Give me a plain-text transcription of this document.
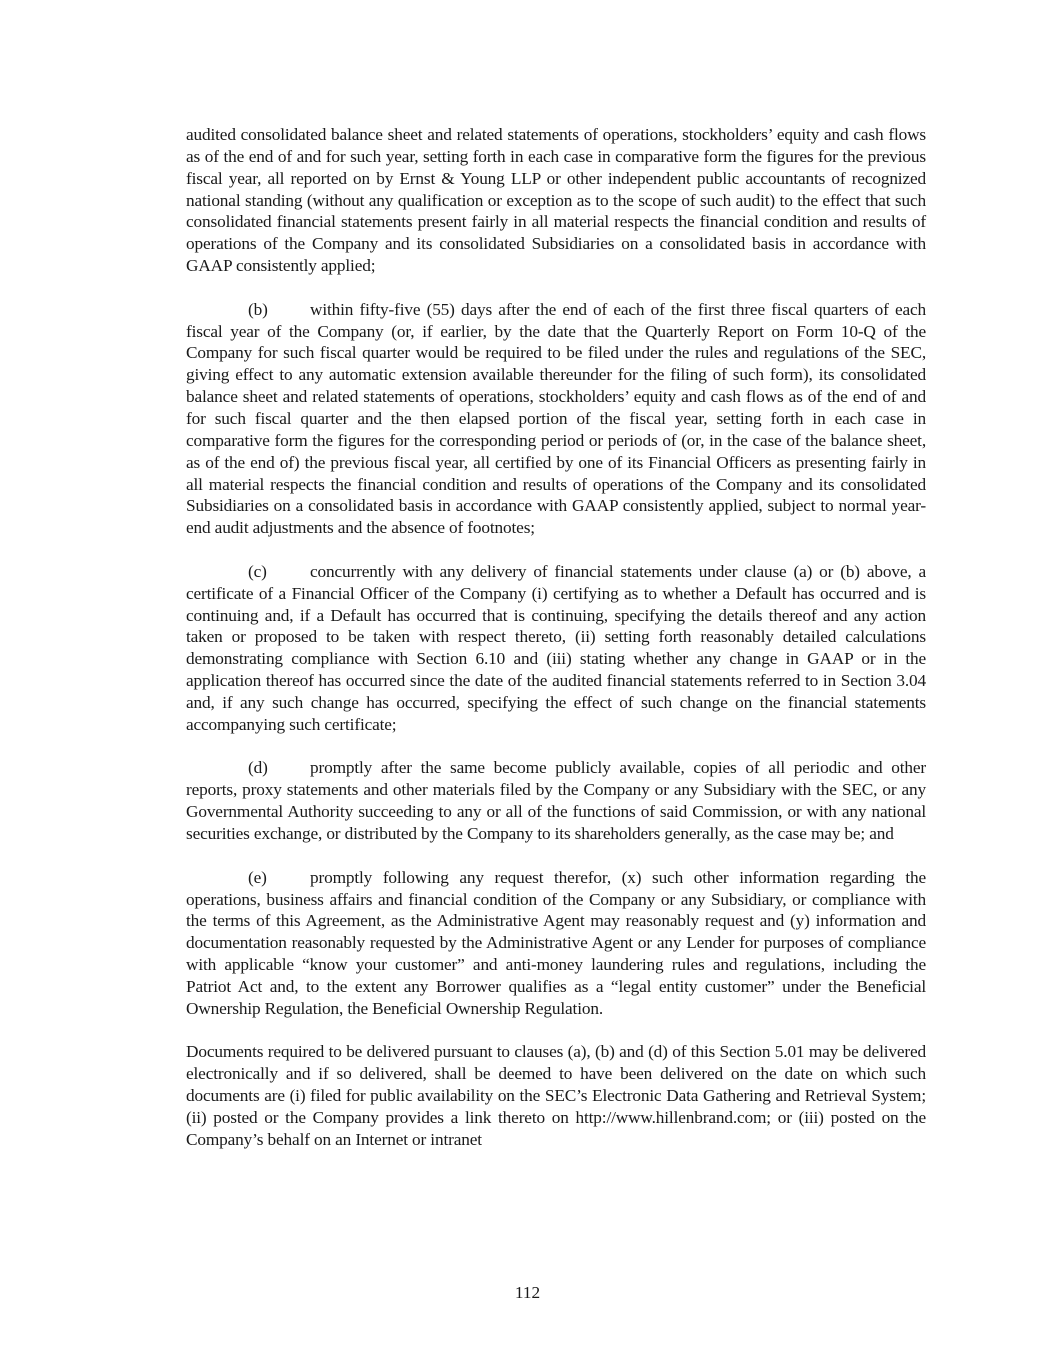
audited consolidated balance sheet and related statements of operations, stockholders’ equity and cash flows as of the end of and for such year, setting forth in each case in comparative form the figures for the previous fiscal year, all reported on by Ernst & Young LLP or other independent public accountants of recognized national standing (without any qualification or exception as to the scope of such audit) to the effect that such consolidated financial statements present fairly in all material respects the financial condition and results of operations of the Company and its consolidated Subsidiaries on a consolidated basis in accordance with GAAP consistently applied;

(b) within fifty-five (55) days after the end of each of the first three fiscal quarters of each fiscal year of the Company (or, if earlier, by the date that the Quarterly Report on Form 10-Q of the Company for such fiscal quarter would be required to be filed under the rules and regulations of the SEC, giving effect to any automatic extension available thereunder for the filing of such form), its consolidated balance sheet and related statements of operations, stockholders’ equity and cash flows as of the end of and for such fiscal quarter and the then elapsed portion of the fiscal year, setting forth in each case in comparative form the figures for the corresponding period or periods of (or, in the case of the balance sheet, as of the end of) the previous fiscal year, all certified by one of its Financial Officers as presenting fairly in all material respects the financial condition and results of operations of the Company and its consolidated Subsidiaries on a consolidated basis in accordance with GAAP consistently applied, subject to normal year-end audit adjustments and the absence of footnotes;

(c)	concurrently with any delivery of financial statements under clause (a) or (b) above, a certificate of a Financial Officer of the Company (i) certifying as to whether a Default has occurred and is continuing and, if a Default has occurred that is continuing, specifying the details thereof and any action taken or proposed to be taken with respect thereto, (ii) setting forth reasonably detailed calculations demonstrating compliance with Section 6.10 and (iii) stating whether any change in GAAP or in the application thereof has occurred since the date of the audited financial statements referred to in Section 3.04 and, if any such change has occurred, specifying the effect of such change on the financial statements accompanying such certificate;

(d) promptly after the same become publicly available, copies of all periodic and other reports, proxy statements and other materials filed by the Company or any Subsidiary with the SEC, or any Governmental Authority succeeding to any or all of the functions of said Commission, or with any national securities exchange, or distributed by the Company to its shareholders generally, as the case may be; and

(e)	promptly following any request therefor, (x) such other information regarding the operations, business affairs and financial condition of the Company or any Subsidiary, or compliance with the terms of this Agreement, as the Administrative Agent may reasonably request and (y) information and documentation reasonably requested by the Administrative Agent or any Lender for purposes of compliance with applicable “know your customer” and anti-money laundering rules and regulations, including the Patriot Act and, to the extent any Borrower qualifies as a “legal entity customer” under the Beneficial Ownership Regulation, the Beneficial Ownership Regulation.

Documents required to be delivered pursuant to clauses (a), (b) and (d) of this Section 5.01 may be delivered electronically and if so delivered, shall be deemed to have been delivered on the date on which such documents are (i) filed for public availability on the SEC’s Electronic Data Gathering and Retrieval System; (ii) posted or the Company provides a link thereto on http://www.hillenbrand.com; or (iii) posted on the Company’s behalf on an Internet or intranet

112
